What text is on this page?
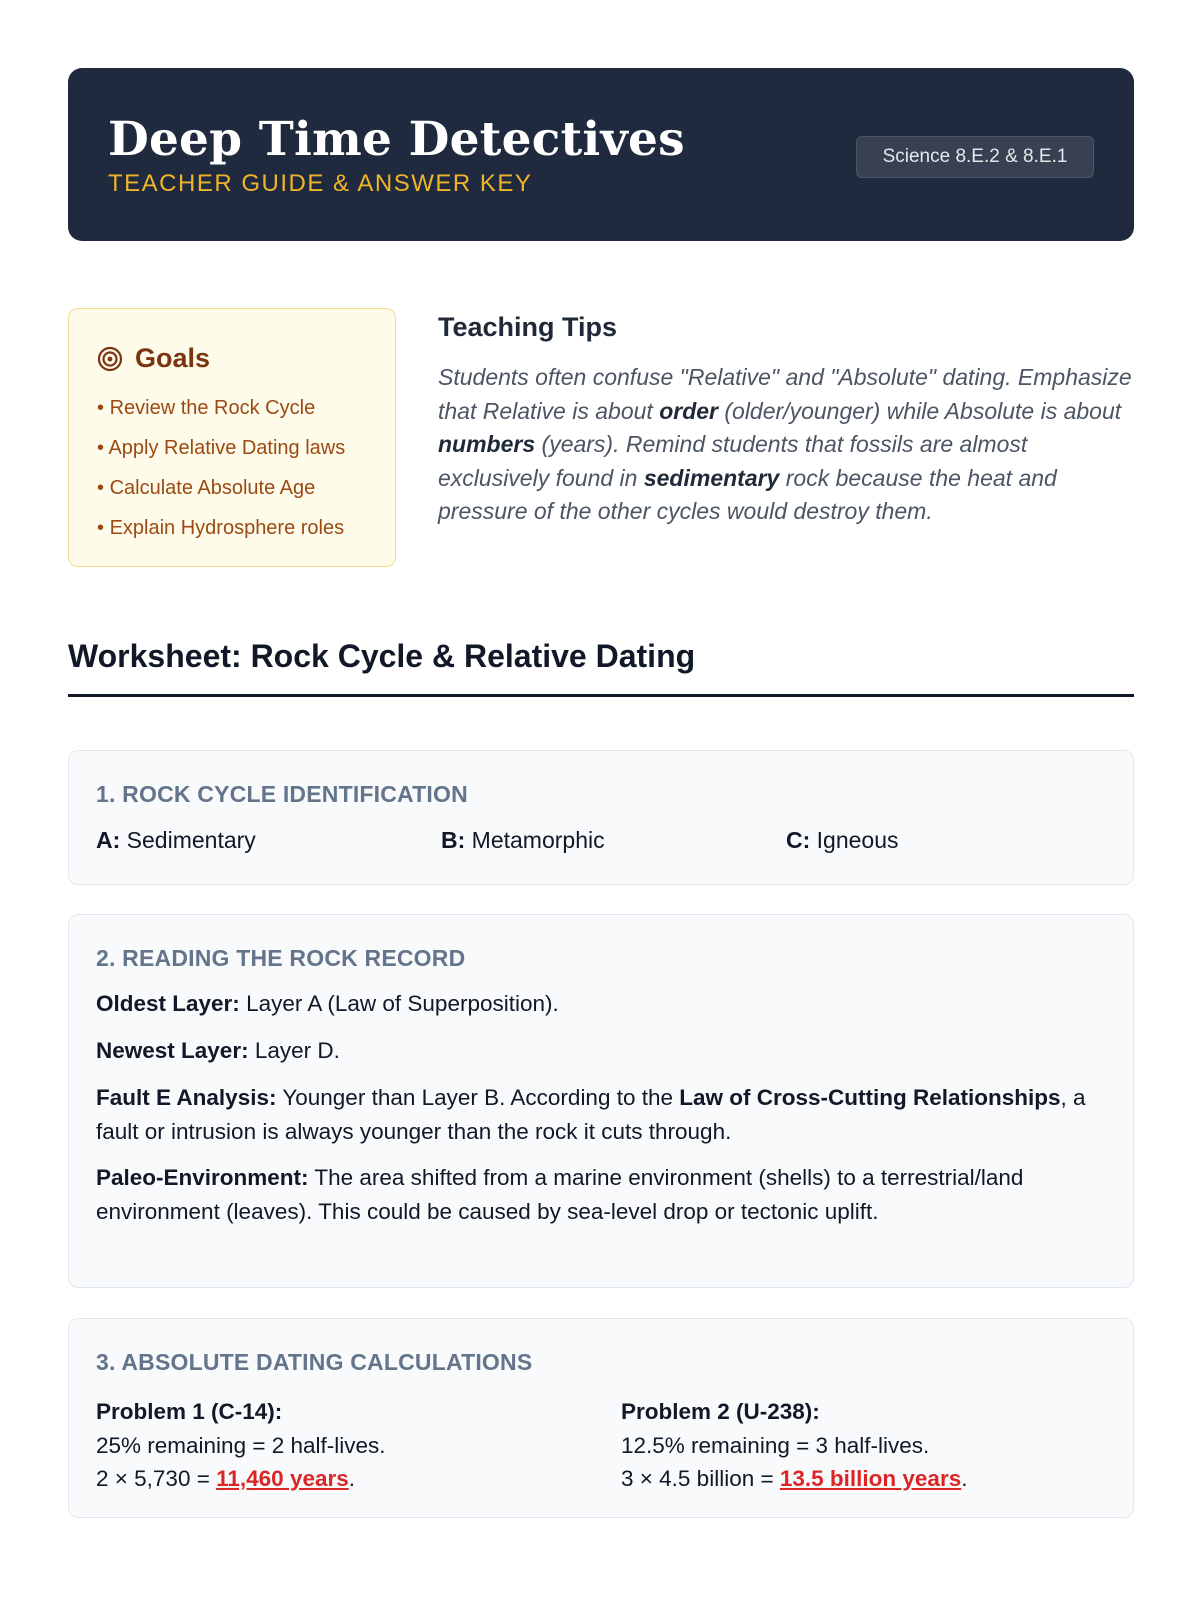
Deep Time Detectives
TEACHER GUIDE & ANSWER KEY
Science 8.E.2 & 8.E.1
Goals
• Review the Rock Cycle
• Apply Relative Dating laws
• Calculate Absolute Age
• Explain Hydrosphere roles
Teaching Tips
Students often confuse "Relative" and "Absolute" dating. Emphasize that Relative is about order (older/younger) while Absolute is about numbers (years). Remind students that fossils are almost exclusively found in sedimentary rock because the heat and pressure of the other cycles would destroy them.
Worksheet: Rock Cycle & Relative Dating
1. ROCK CYCLE IDENTIFICATION
A: Sedimentary	B: Metamorphic	C: Igneous
2. READING THE ROCK RECORD
Oldest Layer: Layer A (Law of Superposition).
Newest Layer: Layer D.
Fault E Analysis: Younger than Layer B. According to the Law of Cross-Cutting Relationships, a fault or intrusion is always younger than the rock it cuts through.
Paleo-Environment: The area shifted from a marine environment (shells) to a terrestrial/land environment (leaves). This could be caused by sea-level drop or tectonic uplift.
3. ABSOLUTE DATING CALCULATIONS
Problem 1 (C-14):
25% remaining = 2 half-lives.
2 × 5,730 = 11,460 years.
Problem 2 (U-238):
12.5% remaining = 3 half-lives.
3 × 4.5 billion = 13.5 billion years.
